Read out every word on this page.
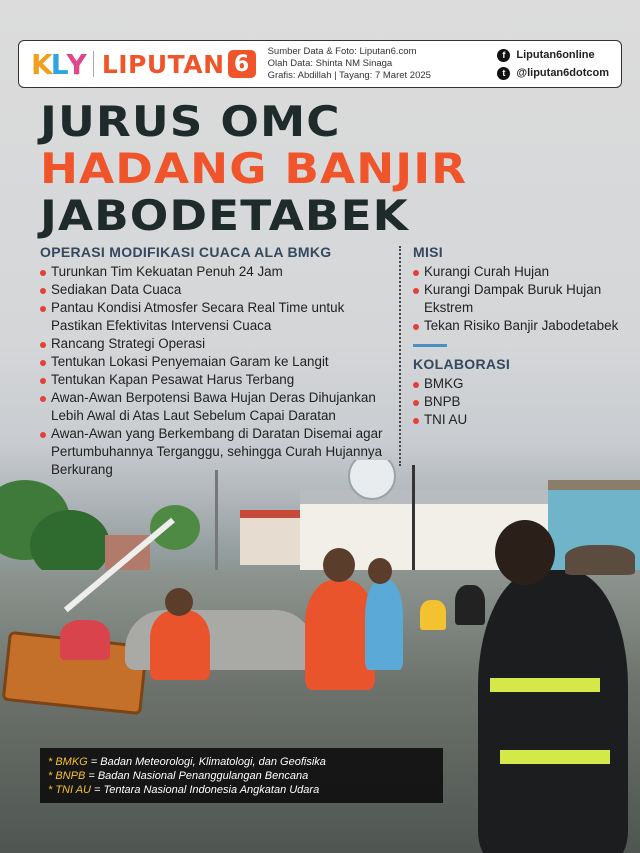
K L Y LIPUTAN 6	Sumber Data & Foto: Liputan6.com
Olah Data: Shinta NM Sinaga
Grafis: Abdillah | Tayang: 7 Maret 2025
f	Liputan6online
t	@liputan6dotcom
JURUS OMC
HADANG BANJIR
JABODETABEK
OPERASI MODIFIKASI CUACA ALA BMKG
Turunkan Tim Kekuatan Penuh 24 Jam
Sediakan Data Cuaca
Pantau Kondisi Atmosfer Secara Real Time untuk Pastikan Efektivitas Intervensi Cuaca
Rancang Strategi Operasi
Tentukan Lokasi Penyemaian Garam ke Langit
Tentukan Kapan Pesawat Harus Terbang
Awan-Awan Berpotensi Bawa Hujan Deras Dihujankan Lebih Awal di Atas Laut Sebelum Capai Daratan
Awan-Awan yang Berkembang di Daratan Disemai agar Pertumbuhannya Terganggu, sehingga Curah Hujannya Berkurang
MISI
Kurangi Curah Hujan
Kurangi Dampak Buruk Hujan Ekstrem
Tekan Risiko Banjir Jabodetabek
KOLABORASI
BMKG
BNPB
TNI AU
* BMKG = Badan Meteorologi, Klimatologi, dan Geofisika
* BNPB = Badan Nasional Penanggulangan Bencana
* TNI AU = Tentara Nasional Indonesia Angkatan Udara
